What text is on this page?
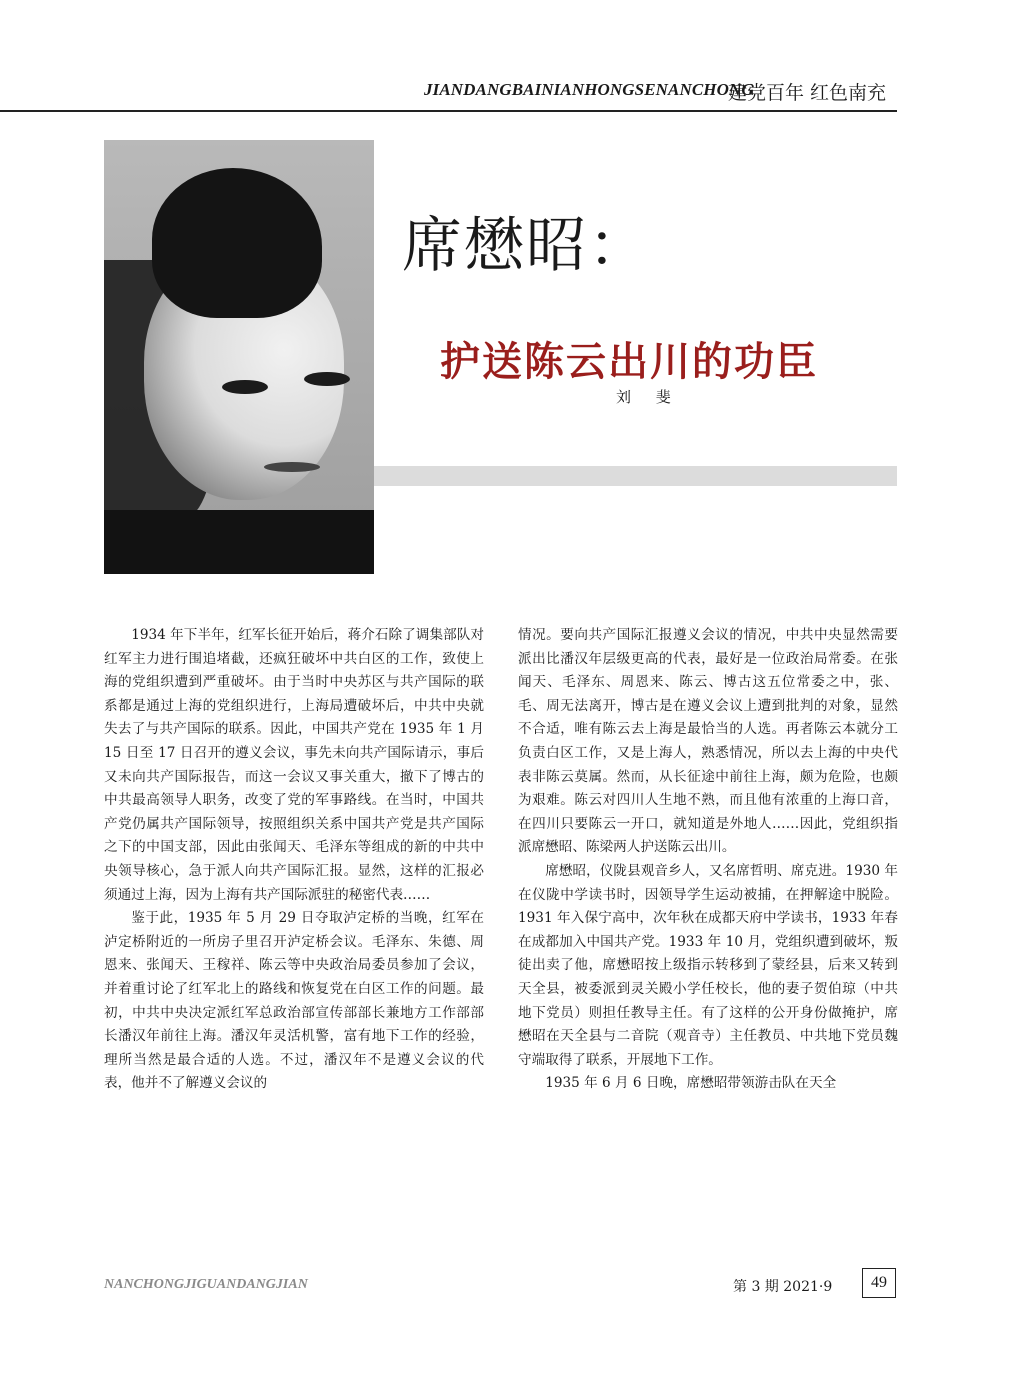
JIANDANGBAINIANHONGSENANCHONG
建党百年 红色南充
席懋昭：
护送陈云出川的功臣
刘 斐

1934 年下半年，红军长征开始后，蒋介石除了调集部队对红军主力进行围追堵截，还疯狂破坏中共白区的工作，致使上海的党组织遭到严重破坏。由于当时中央苏区与共产国际的联系都是通过上海的党组织进行，上海局遭破坏后，中共中央就失去了与共产国际的联系。因此，中国共产党在 1935 年 1 月 15 日至 17 日召开的遵义会议，事先未向共产国际请示，事后又未向共产国际报告，而这一会议又事关重大，撤下了博古的中共最高领导人职务，改变了党的军事路线。在当时，中国共产党仍属共产国际领导，按照组织关系中国共产党是共产国际之下的中国支部，因此由张闻天、毛泽东等组成的新的中共中央领导核心，急于派人向共产国际汇报。显然，这样的汇报必须通过上海，因为上海有共产国际派驻的秘密代表……

鉴于此，1935 年 5 月 29 日夺取泸定桥的当晚，红军在泸定桥附近的一所房子里召开泸定桥会议。毛泽东、朱德、周恩来、张闻天、王稼祥、陈云等中央政治局委员参加了会议，并着重讨论了红军北上的路线和恢复党在白区工作的问题。最初，中共中央决定派红军总政治部宣传部部长兼地方工作部部长潘汉年前往上海。潘汉年灵活机警，富有地下工作的经验，理所当然是最合适的人选。不过，潘汉年不是遵义会议的代表，他并不了解遵义会议的

情况。要向共产国际汇报遵义会议的情况，中共中央显然需要派出比潘汉年层级更高的代表，最好是一位政治局常委。在张闻天、毛泽东、周恩来、陈云、博古这五位常委之中，张、毛、周无法离开，博古是在遵义会议上遭到批判的对象，显然不合适，唯有陈云去上海是最恰当的人选。再者陈云本就分工负责白区工作，又是上海人，熟悉情况，所以去上海的中央代表非陈云莫属。然而，从长征途中前往上海，颇为危险，也颇为艰难。陈云对四川人生地不熟，而且他有浓重的上海口音，在四川只要陈云一开口，就知道是外地人……因此，党组织指派席懋昭、陈梁两人护送陈云出川。

席懋昭，仪陇县观音乡人，又名席哲明、席克进。1930 年在仪陇中学读书时，因领导学生运动被捕，在押解途中脱险。1931 年入保宁高中，次年秋在成都天府中学读书，1933 年春在成都加入中国共产党。1933 年 10 月，党组织遭到破坏，叛徒出卖了他，席懋昭按上级指示转移到了蒙经县，后来又转到天全县，被委派到灵关殿小学任校长，他的妻子贺伯琼（中共地下党员）则担任教导主任。有了这样的公开身份做掩护，席懋昭在天全县与二音院（观音寺）主任教员、中共地下党员魏守端取得了联系，开展地下工作。

1935 年 6 月 6 日晚，席懋昭带领游击队在天全

NANCHONGJIGUANDANGJIAN	第 3 期 2021·9	49
